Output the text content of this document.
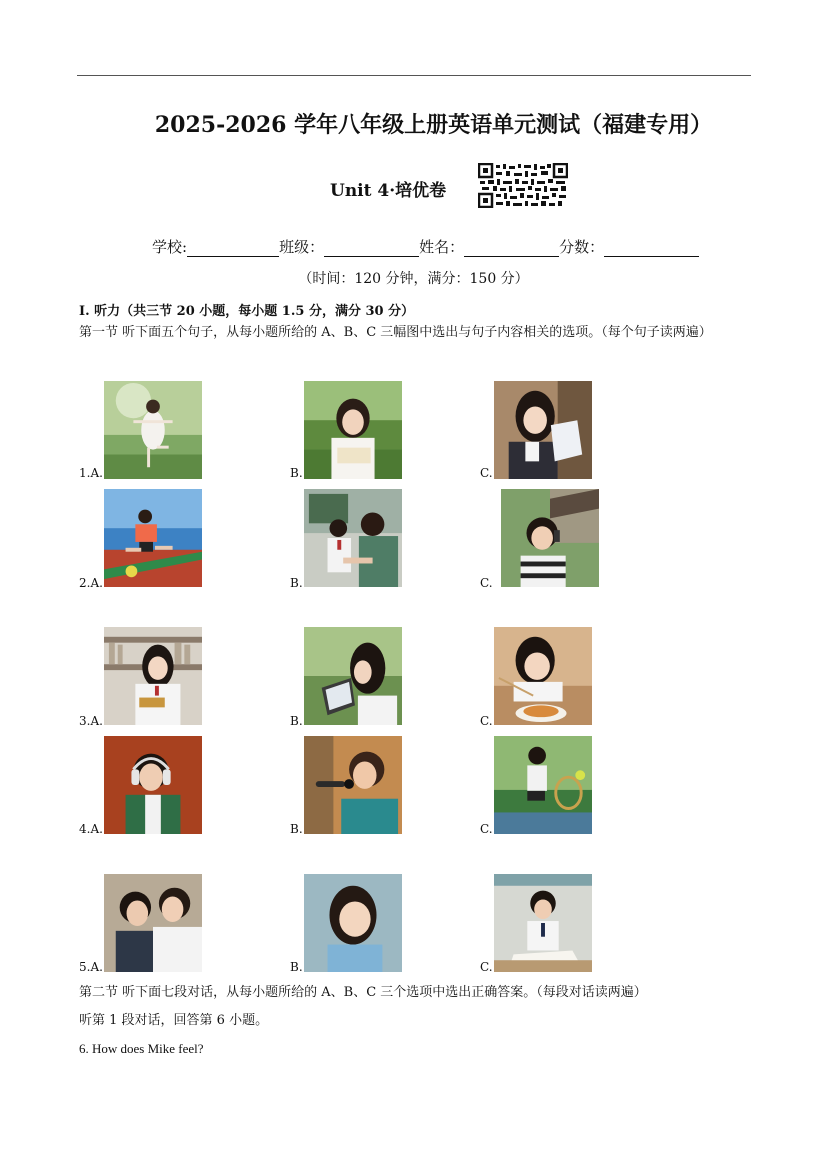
2025-2026 学年八年级上册英语单元测试（福建专用）
Unit 4·培优卷
学校:	班级：	姓名：	分数：
（时间：120 分钟，满分：150 分）
I. 听力（共三节 20 小题，每小题 1.5 分，满分 30 分）
第一节 听下面五个句子，从每小题所给的 A、B、C 三幅图中选出与句子内容相关的选项。（每个句子读两遍）
1.A.	B.	C.
2.A.	B.	C.
3.A.	B.	C.
4.A.	B.	C.
5.A.	B.	C.
第二节 听下面七段对话，从每小题所给的 A、B、C 三个选项中选出正确答案。（每段对话读两遍）
听第 1 段对话，回答第 6 小题。
6. How does Mike feel?
